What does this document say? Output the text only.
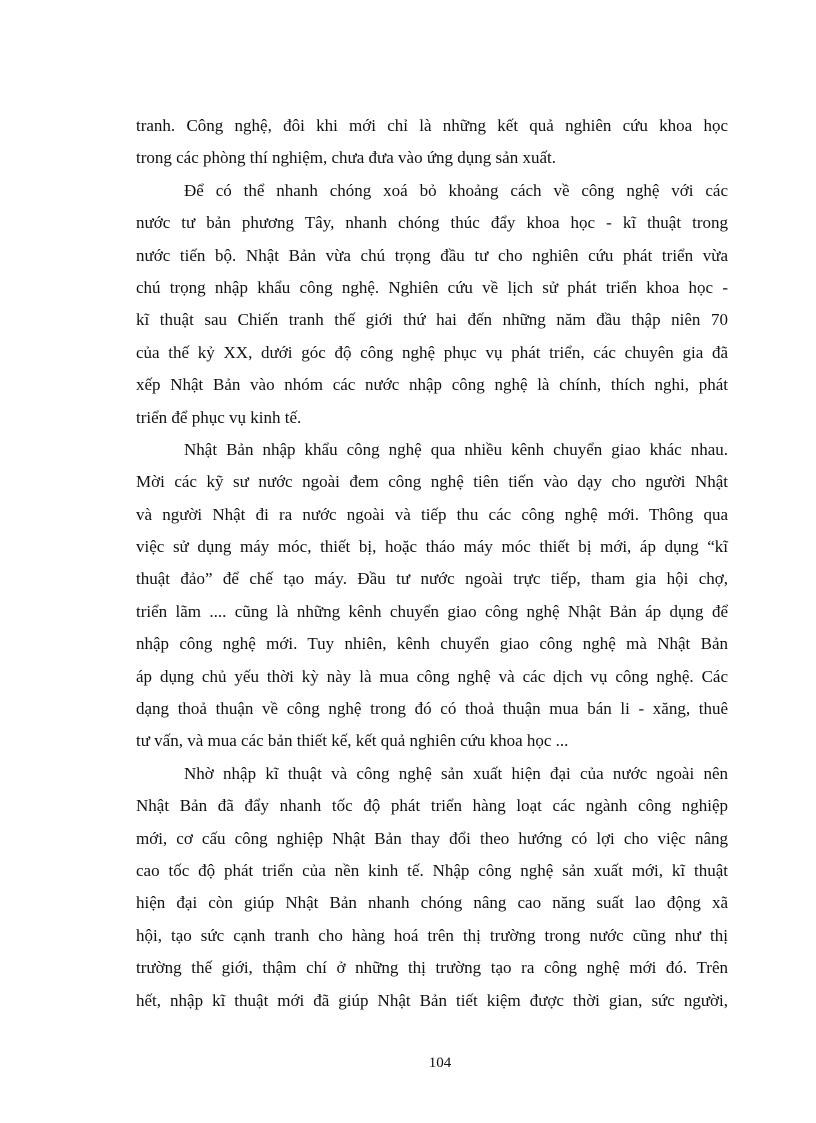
tranh. Công nghệ, đôi khi mới chỉ là những kết quả nghiên cứu khoa học
trong các phòng thí nghiệm, chưa đưa vào ứng dụng sản xuất.
Để có thể nhanh chóng xoá bỏ khoảng cách về công nghệ với các
nước tư bản phương Tây, nhanh chóng thúc đẩy khoa học - kĩ thuật trong
nước tiến bộ. Nhật Bản vừa chú trọng đầu tư cho nghiên cứu phát triển vừa
chú trọng nhập khẩu công nghệ. Nghiên cứu về lịch sử phát triển khoa học -
kĩ thuật sau Chiến tranh thế giới thứ hai đến những năm đầu thập niên 70
của thế kỷ XX, dưới góc độ công nghệ phục vụ phát triển, các chuyên gia đã
xếp Nhật Bản vào nhóm các nước nhập công nghệ là chính, thích nghi, phát
triển để phục vụ kinh tế.
Nhật Bản nhập khẩu công nghệ qua nhiều kênh chuyển giao khác nhau.
Mời các kỹ sư nước ngoài đem công nghệ tiên tiến vào dạy cho người Nhật
và người Nhật đi ra nước ngoài và tiếp thu các công nghệ mới. Thông qua
việc sử dụng máy móc, thiết bị, hoặc tháo máy móc thiết bị mới, áp dụng “kĩ
thuật đảo” để chế tạo máy. Đầu tư nước ngoài trực tiếp, tham gia hội chợ,
triển lãm .... cũng là những kênh chuyển giao công nghệ Nhật Bản áp dụng để
nhập công nghệ mới. Tuy nhiên, kênh chuyển giao công nghệ mà Nhật Bản
áp dụng chủ yếu thời kỳ này là mua công nghệ và các dịch vụ công nghệ. Các
dạng thoả thuận về công nghệ trong đó có thoả thuận mua bán li - xăng, thuê
tư vấn, và mua các bản thiết kế, kết quả nghiên cứu khoa học ...
Nhờ nhập kĩ thuật và công nghệ sản xuất hiện đại của nước ngoài nên
Nhật Bản đã đẩy nhanh tốc độ phát triển hàng loạt các ngành công nghiệp
mới, cơ cấu công nghiệp Nhật Bản thay đổi theo hướng có lợi cho việc nâng
cao tốc độ phát triển của nền kinh tế. Nhập công nghệ sản xuất mới, kĩ thuật
hiện đại còn giúp Nhật Bản nhanh chóng nâng cao năng suất lao động xã
hội, tạo sức cạnh tranh cho hàng hoá trên thị trường trong nước cũng như thị
trường thế giới, thậm chí ở những thị trường tạo ra công nghệ mới đó. Trên
hết, nhập kĩ thuật mới đã giúp Nhật Bản tiết kiệm được thời gian, sức người,
104
